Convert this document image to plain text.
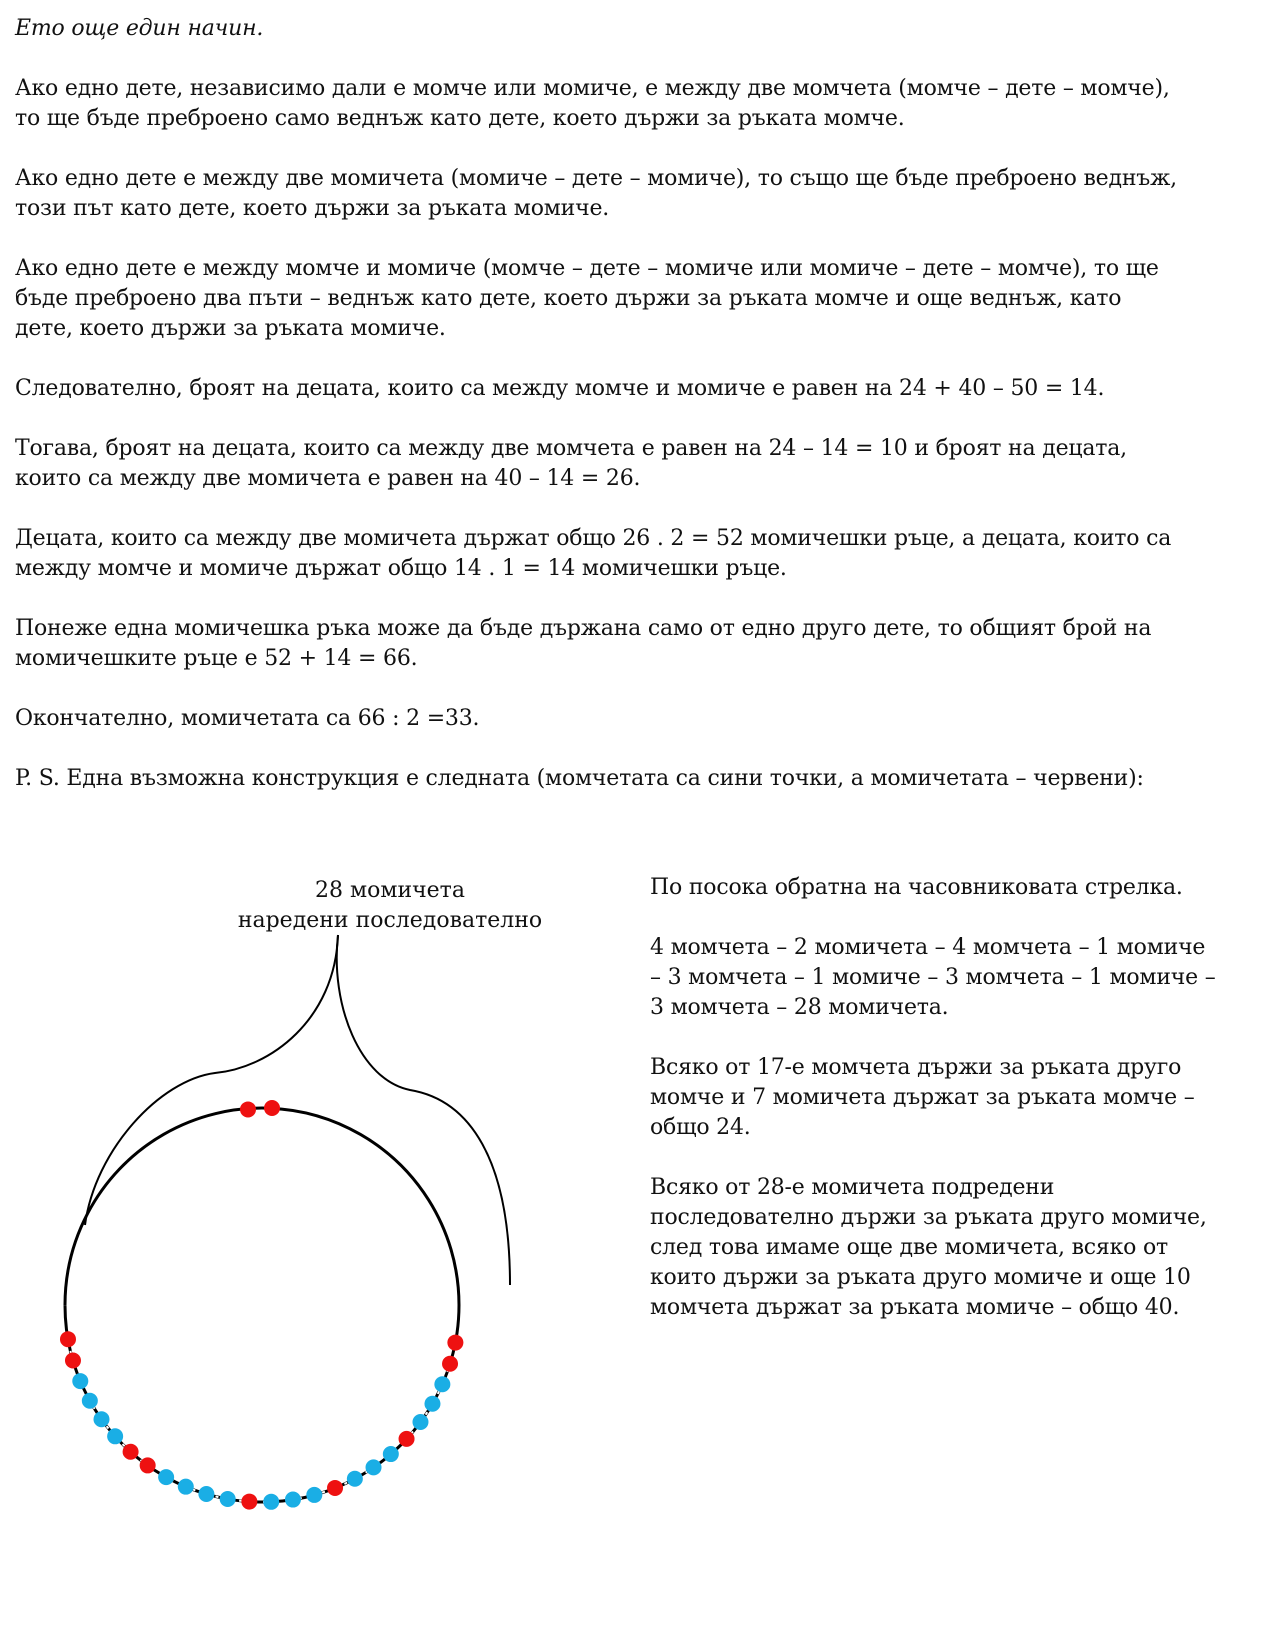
Ето още един начин.

Ако едно дете, независимо дали е момче или момиче, е между две момчета (момче – дете – момче),
то ще бъде преброено само веднъж като дете, което държи за ръката момче.

Ако едно дете е между две момичета (момиче – дете – момиче), то също ще бъде преброено веднъж,
този път като дете, което държи за ръката момиче.

Ако едно дете е между момче и момиче (момче – дете – момиче или момиче – дете – момче), то ще
бъде преброено два пъти – веднъж като дете, което държи за ръката момче и още веднъж, като
дете, което държи за ръката момиче.

Следователно, броят на децата, които са между момче и момиче е равен на 24 + 40 – 50 = 14.

Тогава, броят на децата, които са между две момчета е равен на 24 – 14 = 10 и броят на децата,
които са между две момичета е равен на 40 – 14 = 26.

Децата, които са между две момичета държат общо 26 . 2 = 52 момичешки ръце, а децата, които са
между момче и момиче държат общо 14 . 1 = 14 момичешки ръце.

Понеже една момичешка ръка може да бъде държана само от едно друго дете, то общият брой на
момичешките ръце е 52 + 14 = 66.

Окончателно, момичетата са 66 : 2 =33.

P. S. Една възможна конструкция е следната (момчетата са сини точки, а момичетата – червени):

28 момичета
наредени последователно

По посока обратна на часовниковата стрелка.

4 момчета – 2 момичета – 4 момчета – 1 момиче
– 3 момчета – 1 момиче – 3 момчета – 1 момиче –
3 момчета – 28 момичета.

Всяко от 17-е момчета държи за ръката друго
момче и 7 момичета държат за ръката момче –
общо 24.

Всяко от 28-е момичета подредени
последователно държи за ръката друго момиче,
след това имаме още две момичета, всяко от
които държи за ръката друго момиче и още 10
момчета държат за ръката момиче – общо 40.
